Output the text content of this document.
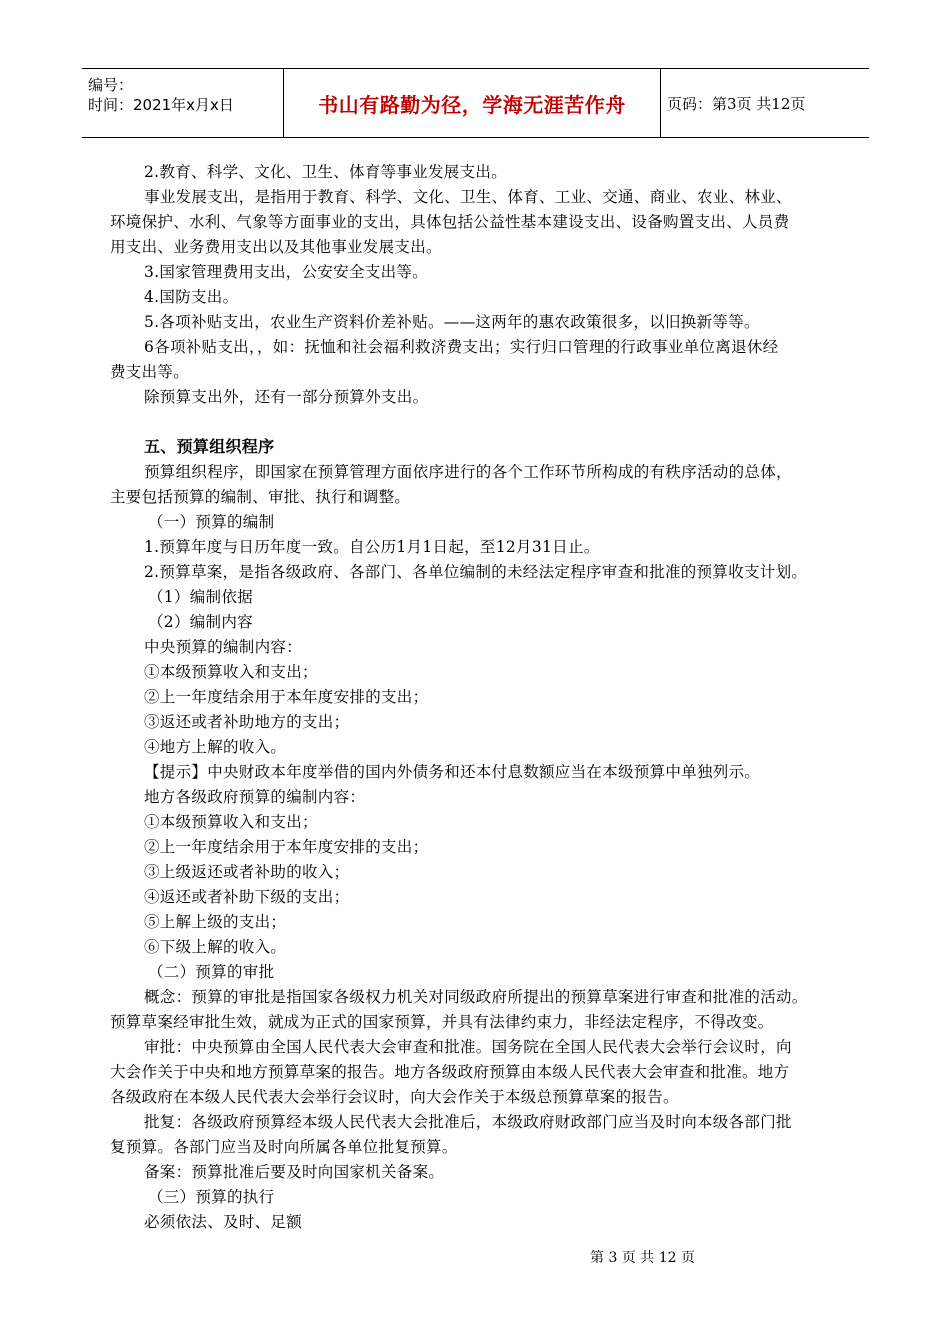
编号：
时间：2021年x月x日	书山有路勤为径，学海无涯苦作舟	页码：第3页 共12页
2.教育、科学、文化、卫生、体育等事业发展支出。
事业发展支出，是指用于教育、科学、文化、卫生、体育、工业、交通、商业、农业、林业、
环境保护、水利、气象等方面事业的支出，具体包括公益性基本建设支出、设备购置支出、人员费
用支出、业务费用支出以及其他事业发展支出。
3.国家管理费用支出，公安安全支出等。
4.国防支出。
5.各项补贴支出，农业生产资料价差补贴。——这两年的惠农政策很多，以旧换新等等。
6各项补贴支出，，如：抚恤和社会福利救济费支出；实行归口管理的行政事业单位离退休经
费支出等。
除预算支出外，还有一部分预算外支出。
五、预算组织程序
预算组织程序，即国家在预算管理方面依序进行的各个工作环节所构成的有秩序活动的总体，
主要包括预算的编制、审批、执行和调整。
（一）预算的编制
1.预算年度与日历年度一致。自公历1月1日起，至12月31日止。
2.预算草案，是指各级政府、各部门、各单位编制的未经法定程序审查和批准的预算收支计划。
（1）编制依据
（2）编制内容
中央预算的编制内容：
①本级预算收入和支出；
②上一年度结余用于本年度安排的支出；
③返还或者补助地方的支出；
④地方上解的收入。
【提示】中央财政本年度举借的国内外债务和还本付息数额应当在本级预算中单独列示。
地方各级政府预算的编制内容：
①本级预算收入和支出；
②上一年度结余用于本年度安排的支出；
③上级返还或者补助的收入；
④返还或者补助下级的支出；
⑤上解上级的支出；
⑥下级上解的收入。
（二）预算的审批
概念：预算的审批是指国家各级权力机关对同级政府所提出的预算草案进行审查和批准的活动。
预算草案经审批生效，就成为正式的国家预算，并具有法律约束力，非经法定程序，不得改变。
审批：中央预算由全国人民代表大会审查和批准。国务院在全国人民代表大会举行会议时，向
大会作关于中央和地方预算草案的报告。地方各级政府预算由本级人民代表大会审查和批准。地方
各级政府在本级人民代表大会举行会议时，向大会作关于本级总预算草案的报告。
批复：各级政府预算经本级人民代表大会批准后，本级政府财政部门应当及时向本级各部门批
复预算。各部门应当及时向所属各单位批复预算。
备案：预算批准后要及时向国家机关备案。
（三）预算的执行
必须依法、及时、足额
第 3 页 共 12 页
